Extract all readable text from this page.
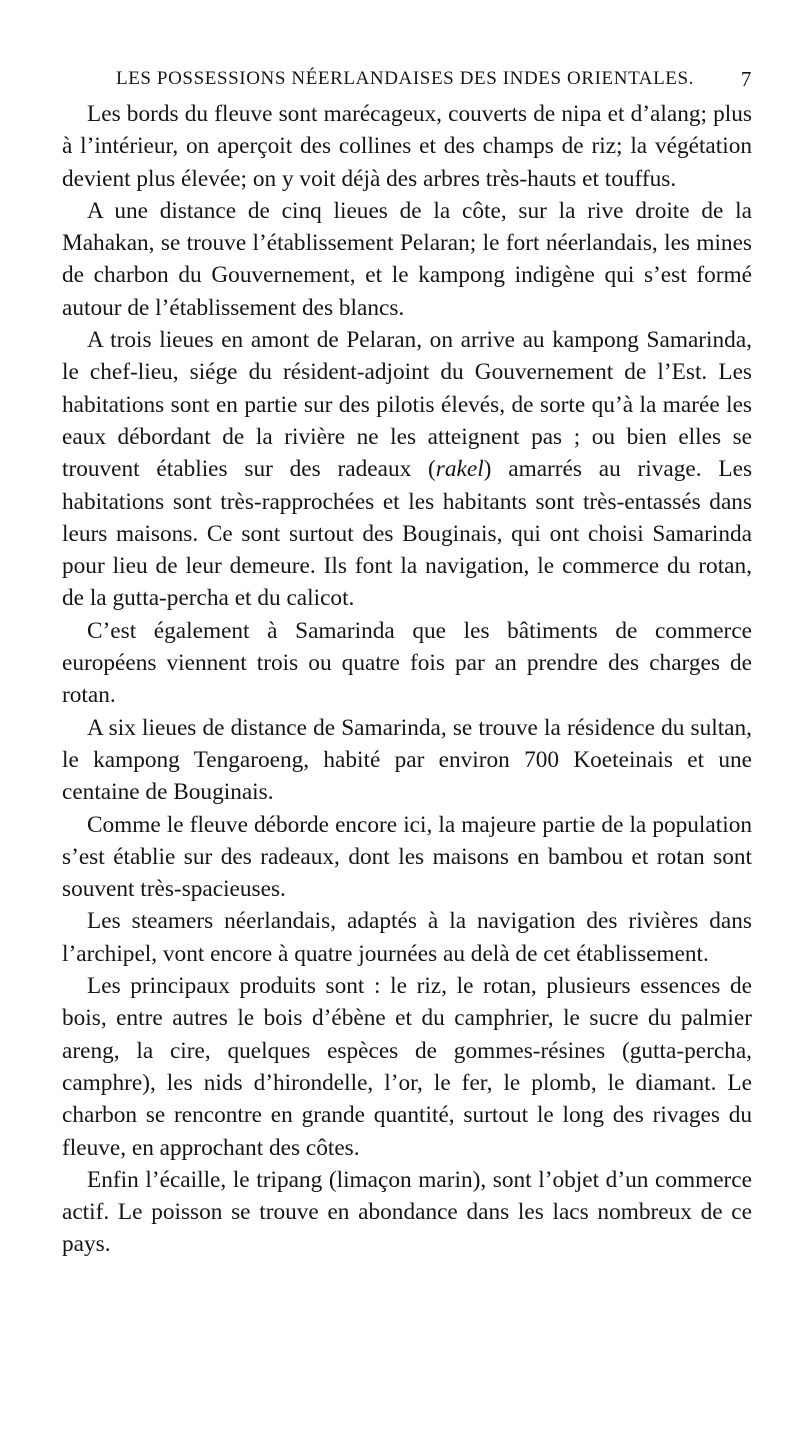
LES POSSESSIONS NÉERLANDAISES DES INDES ORIENTALES. 7

Les bords du fleuve sont marécageux, couverts de nipa et d’alang; plus à l’intérieur, on aperçoit des collines et des champs de riz; la végétation devient plus élevée; on y voit déjà des arbres très-hauts et touffus.

A une distance de cinq lieues de la côte, sur la rive droite de la Mahakan, se trouve l’établissement Pelaran; le fort néerlandais, les mines de charbon du Gouvernement, et le kampong indigène qui s’est formé autour de l’établissement des blancs.

A trois lieues en amont de Pelaran, on arrive au kampong Samarinda, le chef-lieu, siége du résident-adjoint du Gouvernement de l’Est. Les habitations sont en partie sur des pilotis élevés, de sorte qu’à la marée les eaux débordant de la rivière ne les atteignent pas ; ou bien elles se trouvent établies sur des radeaux (rakel) amarrés au rivage. Les habitations sont très-rapprochées et les habitants sont très-entassés dans leurs maisons. Ce sont surtout des Bouginais, qui ont choisi Samarinda pour lieu de leur demeure. Ils font la navigation, le commerce du rotan, de la gutta-percha et du calicot.

C’est également à Samarinda que les bâtiments de commerce européens viennent trois ou quatre fois par an prendre des charges de rotan.

A six lieues de distance de Samarinda, se trouve la résidence du sultan, le kampong Tengaroeng, habité par environ 700 Koeteinais et une centaine de Bouginais.

Comme le fleuve déborde encore ici, la majeure partie de la population s’est établie sur des radeaux, dont les maisons en bambou et rotan sont souvent très-spacieuses.

Les steamers néerlandais, adaptés à la navigation des rivières dans l’archipel, vont encore à quatre journées au delà de cet établissement.

Les principaux produits sont : le riz, le rotan, plusieurs essences de bois, entre autres le bois d’ébène et du camphrier, le sucre du palmier areng, la cire, quelques espèces de gommes-résines (gutta-percha, camphre), les nids d’hirondelle, l’or, le fer, le plomb, le diamant. Le charbon se rencontre en grande quantité, surtout le long des rivages du fleuve, en approchant des côtes.

Enfin l’écaille, le tripang (limaçon marin), sont l’objet d’un commerce actif. Le poisson se trouve en abondance dans les lacs nombreux de ce pays.
